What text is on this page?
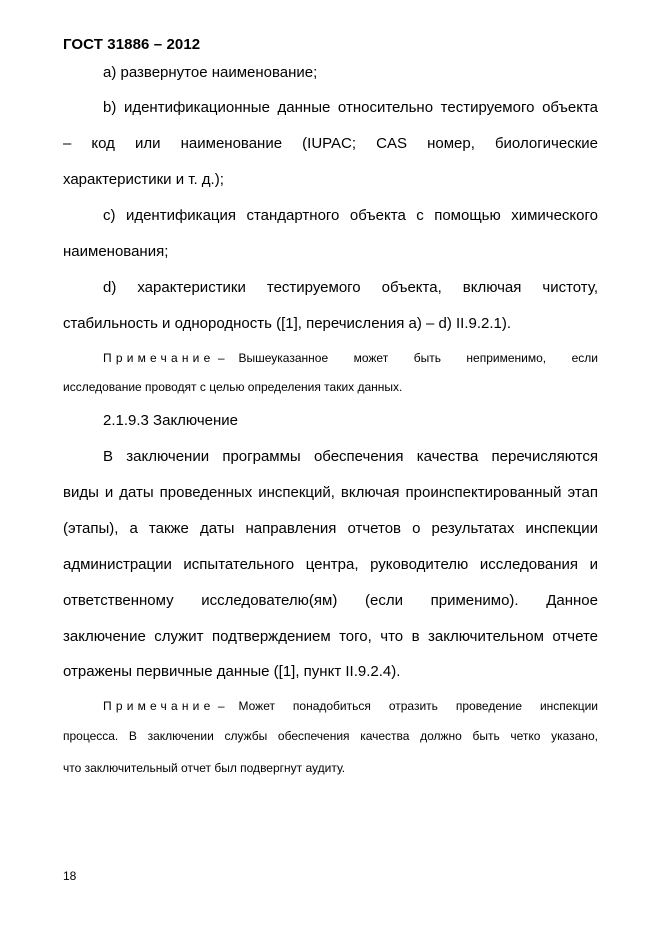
ГОСТ 31886 – 2012
а) развернутое наименование;
b) идентификационные данные относительно тестируемого объекта
– код или наименование (IUPAC; CAS номер, биологические
характеристики и т. д.);
с) идентификация стандартного объекта с помощью химического
наименования;
d) характеристики тестируемого объекта, включая чистоту,
стабильность и однородность ([1], перечисления а) – d) II.9.2.1).
Примечание – Вышеуказанное может быть неприменимо, если
исследование проводят с целью определения таких данных.
2.1.9.3 Заключение
В заключении программы обеспечения качества перечисляются
виды и даты проведенных инспекций, включая проинспектированный этап
(этапы), а также даты направления отчетов о результатах инспекции
администрации испытательного центра, руководителю исследования и
ответственному исследователю(ям) (если применимо). Данное
заключение служит подтверждением того, что в заключительном отчете
отражены первичные данные ([1], пункт II.9.2.4).
Примечание – Может понадобиться отразить проведение инспекции
процесса. В заключении службы обеспечения качества должно быть четко указано,
что заключительный отчет был подвергнут аудиту.
18
